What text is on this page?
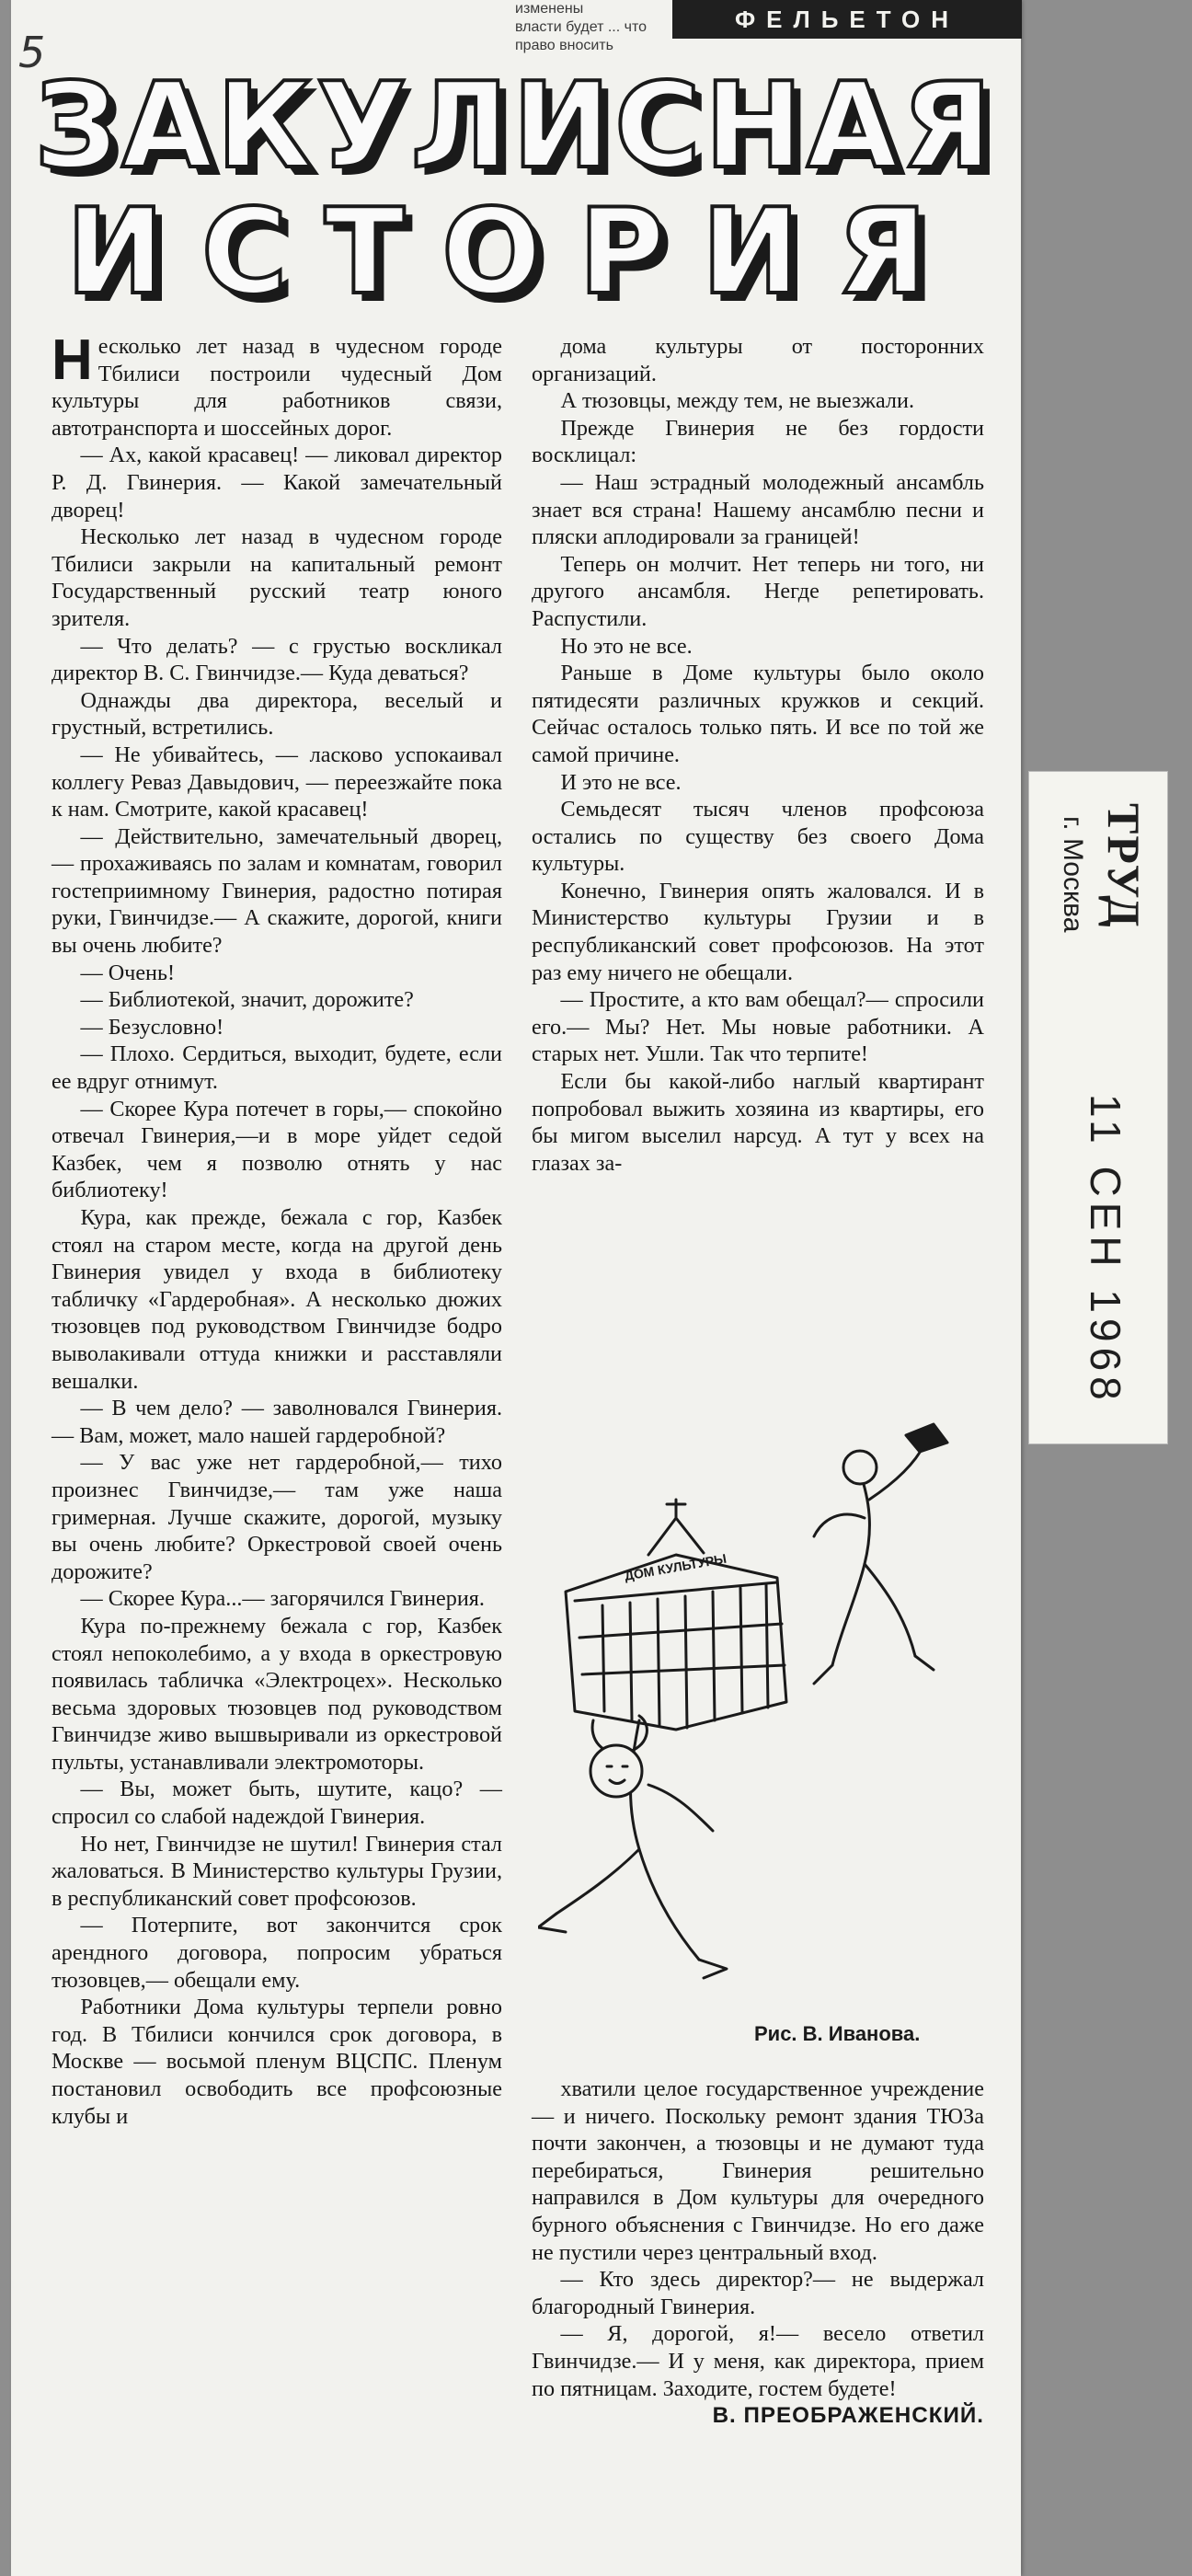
изменены
власти будет ... что право вносить
ФЕЛЬЕТОН
5
ЗАКУЛИСНАЯ
ИСТОРИЯ

Несколько лет назад в чудесном городе Тбилиси построили чудесный Дом культуры для работников связи, автотранспорта и шоссейных дорог.

— Ах, какой красавец! — ликовал директор Р. Д. Гвинерия. — Какой замечательный дворец!

Несколько лет назад в чудесном городе Тбилиси закрыли на капитальный ремонт Государственный русский театр юного зрителя.

— Что делать? — с грустью воскликал директор В. С. Гвинчидзе.— Куда деваться?

Однажды два директора, веселый и грустный, встретились.

— Не убивайтесь, — ласково успокаивал коллегу Реваз Давыдович, — переезжайте пока к нам. Смотрите, какой красавец!

— Действительно, замечательный дворец, — прохаживаясь по залам и комнатам, говорил гостеприимному Гвинерия, радостно потирая руки, Гвинчидзе.— А скажите, дорогой, книги вы очень любите?

— Очень!

— Библиотекой, значит, дорожите?

— Безусловно!

— Плохо. Сердиться, выходит, будете, если ее вдруг отнимут.

— Скорее Кура потечет в горы,— спокойно отвечал Гвинерия,—и в море уйдет седой Казбек, чем я позволю отнять у нас библиотеку!

Кура, как прежде, бежала с гор, Казбек стоял на старом месте, когда на другой день Гвинерия увидел у входа в библиотеку табличку «Гардеробная». А несколько дюжих тюзовцев под руководством Гвинчидзе бодро выволакивали оттуда книжки и расставляли вешалки.

— В чем дело? — заволновался Гвинерия.— Вам, может, мало нашей гардеробной?

— У вас уже нет гардеробной,— тихо произнес Гвинчидзе,— там уже наша гримерная. Лучше скажите, дорогой, музыку вы очень любите? Оркестровой своей очень дорожите?

— Скорее Кура...— загорячился Гвинерия.

Кура по-прежнему бежала с гор, Казбек стоял непоколебимо, а у входа в оркестровую появилась табличка «Электроцех». Несколько весьма здоровых тюзовцев под руководством Гвинчидзе живо вышвыривали из оркестровой пульты, устанавливали электромоторы.

— Вы, может быть, шутите, кацо? — спросил со слабой надеждой Гвинерия.

Но нет, Гвинчидзе не шутил! Гвинерия стал жаловаться. В Министерство культуры Грузии, в республиканский совет профсоюзов.

— Потерпите, вот закончится срок арендного договора, попросим убраться тюзовцев,— обещали ему.

Работники Дома культуры терпели ровно год. В Тбилиси кончился срок договора, в Москве — восьмой пленум ВЦСПС. Пленум постановил освободить все профсоюзные клубы и

дома культуры от посторонних организаций.

А тюзовцы, между тем, не выезжали.

Прежде Гвинерия не без гордости восклицал:

— Наш эстрадный молодежный ансамбль знает вся страна! Нашему ансамблю песни и пляски аплодировали за границей!

Теперь он молчит. Нет теперь ни того, ни другого ансамбля. Негде репетировать. Распустили.

Но это не все.

Раньше в Доме культуры было около пятидесяти различных кружков и секций. Сейчас осталось только пять. И все по той же самой причине.

И это не все.

Семьдесят тысяч членов профсоюза остались по существу без своего Дома культуры.

Конечно, Гвинерия опять жаловался. И в Министерство культуры Грузии и в республиканский совет профсоюзов. На этот раз ему ничего не обещали.

— Простите, а кто вам обещал?— спросили его.— Мы? Нет. Мы новые работники. А старых нет. Ушли. Так что терпите!

Если бы какой-либо наглый квартирант попробовал выжить хозяина из квартиры, его бы мигом выселил нарсуд. А тут у всех на глазах за-

ДОМ КУЛЬТУРЫ
Рис. В. Иванова.

хватили целое государственное учреждение — и ничего. Поскольку ремонт здания ТЮЗа почти закончен, а тюзовцы и не думают туда перебираться, Гвинерия решительно направился в Дом культуры для очередного бурного объяснения с Гвинчидзе. Но его даже не пустили через центральный вход.

— Кто здесь директор?— не выдержал благородный Гвинерия.

— Я, дорогой, я!— весело ответил Гвинчидзе.— И у меня, как директора, прием по пятницам. Заходите, гостем будете!

В. ПРЕОБРАЖЕНСКИЙ.

ТРУД
г. Москва
11 СЕН 1968
